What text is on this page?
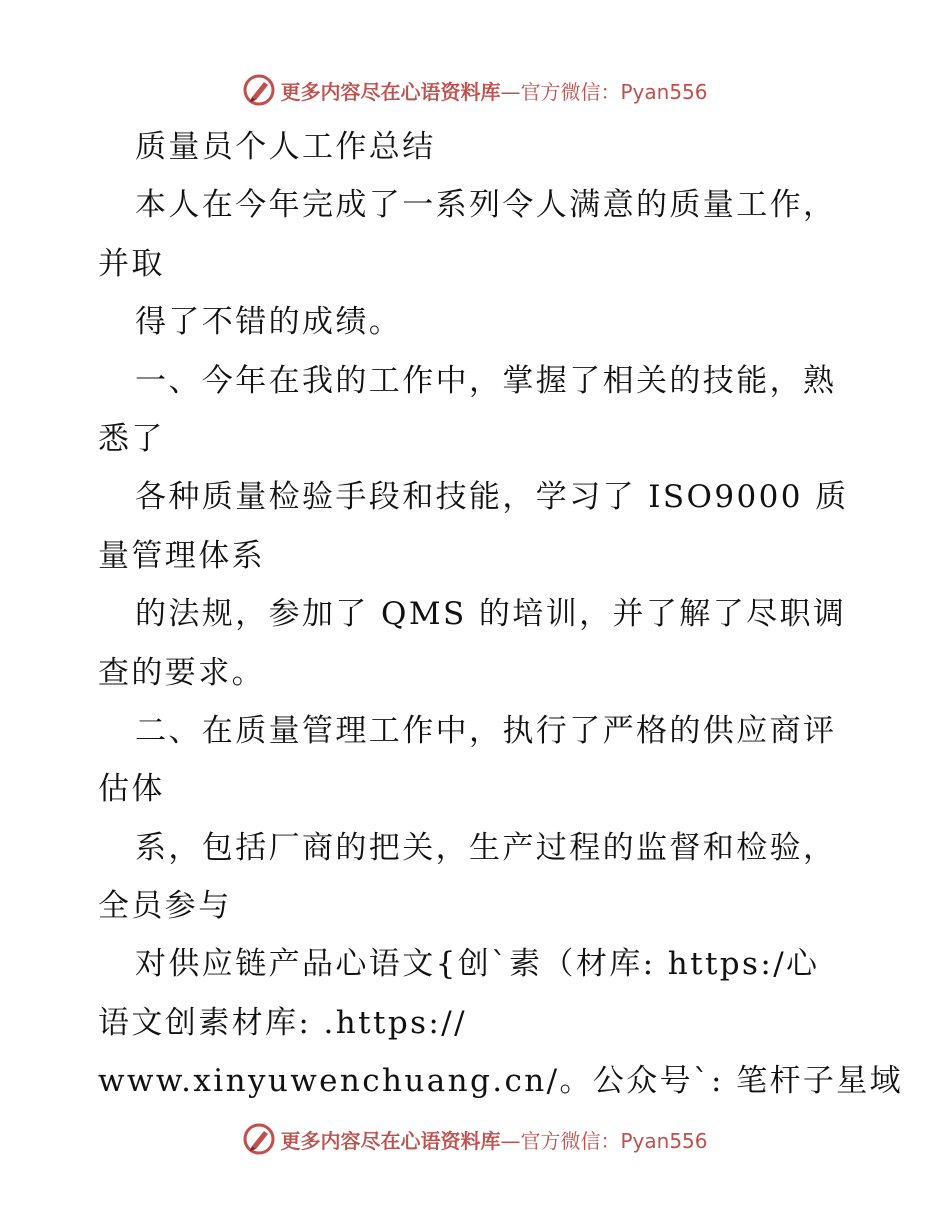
更多内容尽在心语资料库—官方微信：Pyan556
质量员个人工作总结
本人在今年完成了一系列令人满意的质量工作，
并取
得了不错的成绩。
一、今年在我的工作中，掌握了相关的技能，熟
悉了
各种质量检验手段和技能，学习了 ISO9000 质
量管理体系
的法规，参加了 QMS 的培训，并了解了尽职调
查的要求。
二、在质量管理工作中，执行了严格的供应商评
估体
系，包括厂商的把关，生产过程的监督和检验，
全员参与
对供应链产品心语文{创`素（材库: https:/心
语文创素材库: .https://
www.xinyuwenchuang.cn/。公众号`: 笔杆子星域
更多内容尽在心语资料库—官方微信：Pyan556
